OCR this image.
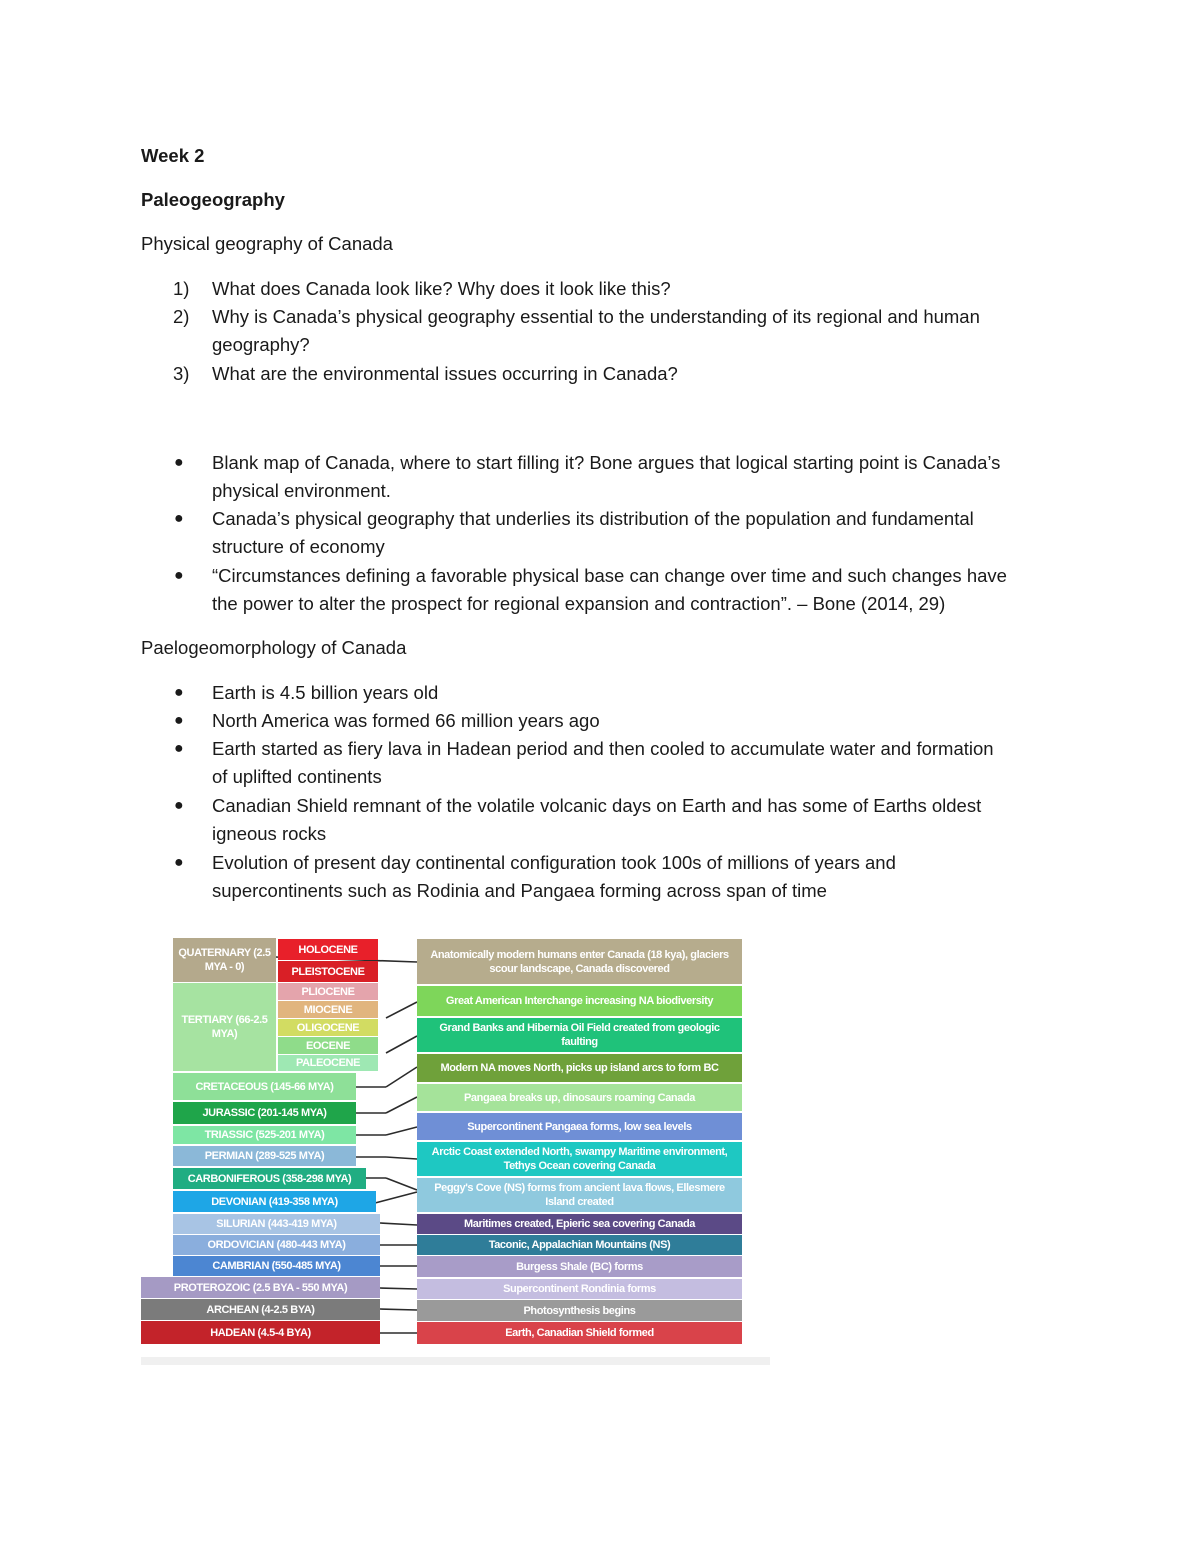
Week 2
Paleogeography
Physical geography of Canada
1) What does Canada look like? Why does it look like this?
2) Why is Canada’s physical geography essential to the understanding of its regional and human
geography?
3) What are the environmental issues occurring in Canada?
● Blank map of Canada, where to start filling it? Bone argues that logical starting point is Canada’s
physical environment.
● Canada’s physical geography that underlies its distribution of the population and fundamental
structure of economy
● “Circumstances defining a favorable physical base can change over time and such changes have
the power to alter the prospect for regional expansion and contraction”. – Bone (2014, 29)
Paelogeomorphology of Canada
● Earth is 4.5 billion years old
● North America was formed 66 million years ago
● Earth started as fiery lava in Hadean period and then cooled to accumulate water and formation
of uplifted continents
● Canadian Shield remnant of the volatile volcanic days on Earth and has some of Earths oldest
igneous rocks
● Evolution of present day continental configuration took 100s of millions of years and
supercontinents such as Rodinia and Pangaea forming across span of time
QUATERNARY (2.5 MYA - 0)
TERTIARY (66-2.5 MYA)
HOLOCENE
PLEISTOCENE
PLIOCENE
MIOCENE
OLIGOCENE
EOCENE
PALEOCENE
CRETACEOUS (145-66 MYA)
JURASSIC (201-145 MYA)
TRIASSIC (525-201 MYA)
PERMIAN (289-525 MYA)
CARBONIFEROUS (358-298 MYA)
DEVONIAN (419-358 MYA)
SILURIAN (443-419 MYA)
ORDOVICIAN (480-443 MYA)
CAMBRIAN (550-485 MYA)
PROTEROZOIC (2.5 BYA - 550 MYA)
ARCHEAN (4-2.5 BYA)
HADEAN (4.5-4 BYA)
Anatomically modern humans enter Canada (18 kya), glaciers scour landscape, Canada discovered
Great American Interchange increasing NA biodiversity
Grand Banks and Hibernia Oil Field created from geologic faulting
Modern NA moves North, picks up island arcs to form BC
Pangaea breaks up, dinosaurs roaming Canada
Supercontinent Pangaea forms, low sea levels
Arctic Coast extended North, swampy Maritime environment, Tethys Ocean covering Canada
Peggy's Cove (NS) forms from ancient lava flows, Ellesmere Island created
Maritimes created, Epieric sea covering Canada
Taconic, Appalachian Mountains (NS)
Burgess Shale (BC) forms
Supercontinent Rondinia forms
Photosynthesis begins
Earth, Canadian Shield formed
